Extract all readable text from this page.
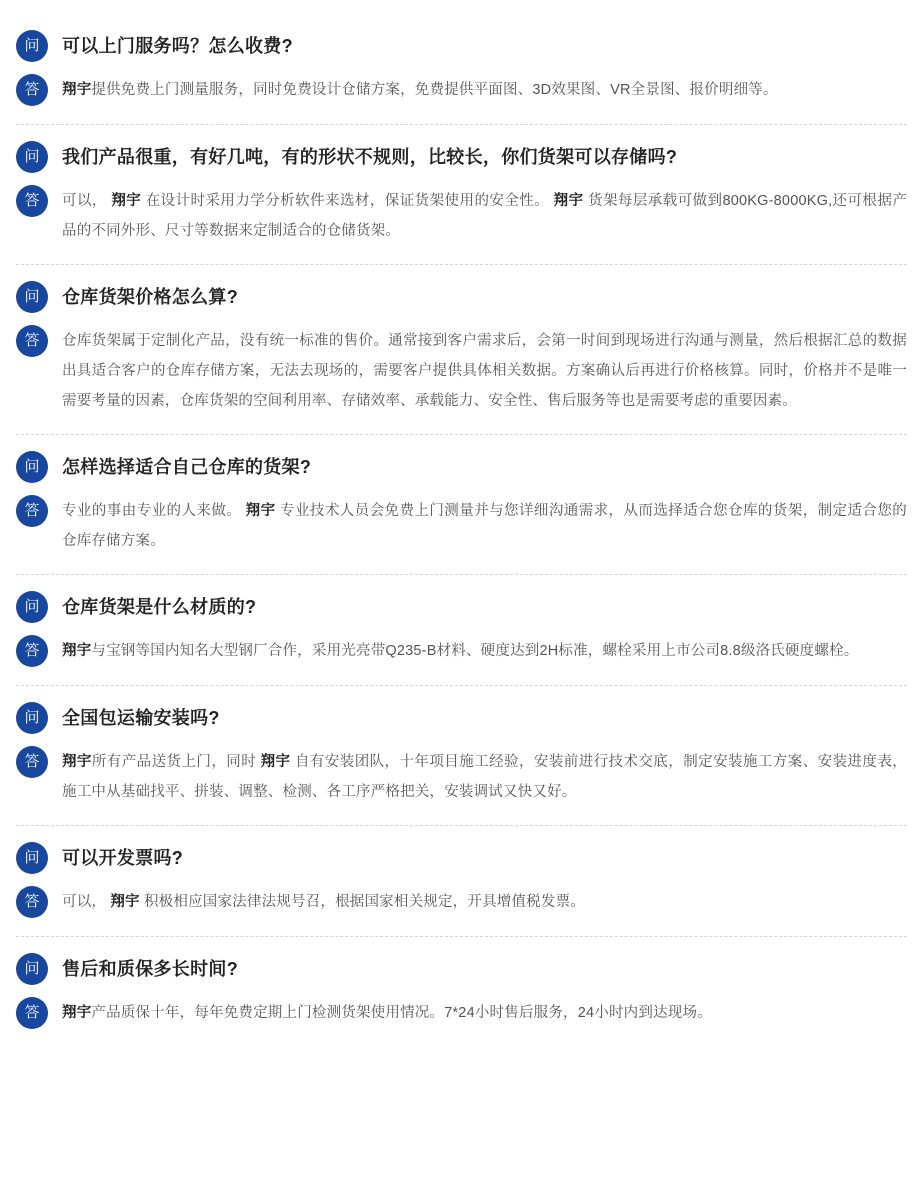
问	可以上门服务吗？怎么收费?
答	翔宇提供免费上门测量服务，同时免费设计仓储方案，免费提供平面图、3D效果图、VR全景图、报价明细等。
问	我们产品很重，有好几吨，有的形状不规则，比较长，你们货架可以存储吗?
答	可以， 翔宇 在设计时采用力学分析软件来选材，保证货架使用的安全性。 翔宇 货架每层承载可做到800KG-8000KG,还可根据产品的不同外形、尺寸等数据来定制适合的仓储货架。
问	仓库货架价格怎么算?
答	仓库货架属于定制化产品，没有统一标准的售价。通常接到客户需求后，会第一时间到现场进行沟通与测量，然后根据汇总的数据出具适合客户的仓库存储方案，无法去现场的，需要客户提供具体相关数据。方案确认后再进行价格核算。同时，价格并不是唯一需要考量的因素，仓库货架的空间利用率、存储效率、承载能力、安全性、售后服务等也是需要考虑的重要因素。
问	怎样选择适合自己仓库的货架?
答	专业的事由专业的人来做。 翔宇 专业技术人员会免费上门测量并与您详细沟通需求，从而选择适合您仓库的货架，制定适合您的仓库存储方案。
问	仓库货架是什么材质的?
答	翔宇与宝钢等国内知名大型钢厂合作，采用光亮带Q235-B材料、硬度达到2H标准，螺栓采用上市公司8.8级洛氏硬度螺栓。
问	全国包运输安装吗?
答	翔宇所有产品送货上门，同时 翔宇 自有安装团队，十年项目施工经验，安装前进行技术交底，制定安装施工方案、安装进度表，施工中从基础找平、拼装、调整、检测、各工序严格把关，安装调试又快又好。
问	可以开发票吗?
答	可以， 翔宇 积极相应国家法律法规号召，根据国家相关规定，开具增值税发票。
问	售后和质保多长时间?
答	翔宇产品质保十年，每年免费定期上门检测货架使用情况。7*24小时售后服务，24小时内到达现场。
